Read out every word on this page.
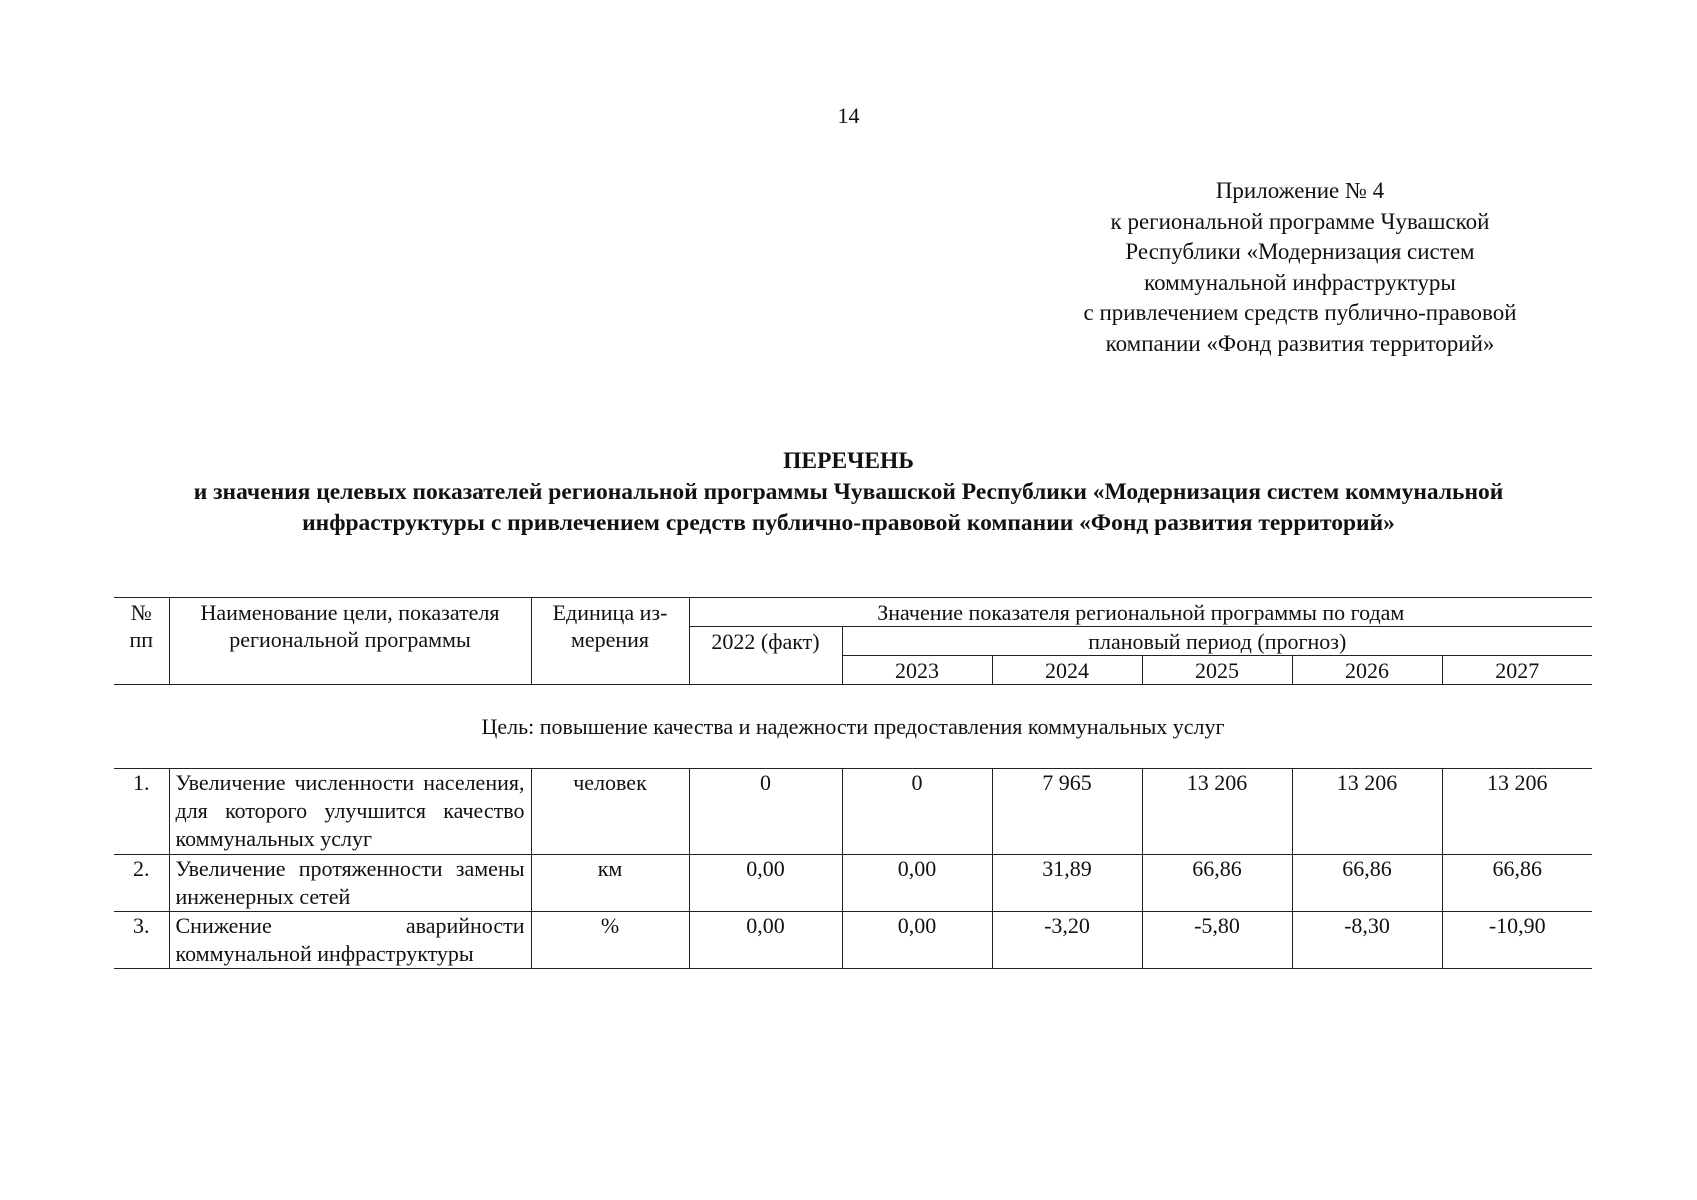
14
Приложение № 4
к региональной программе Чувашской
Республики «Модернизация систем
коммунальной инфраструктуры
с привлечением средств публично-правовой
компании «Фонд развития территорий»
ПЕРЕЧЕНЬ
и значения целевых показателей региональной программы Чувашской Республики «Модернизация систем коммунальной
инфраструктуры с привлечением средств публично-правовой компании «Фонд развития территорий»
№ пп	Наименование цели, показателя региональной программы	Единица из-мерения	Значение показателя региональной программы по годам					
			2022 (факт)	плановый период (прогноз)				
				2023	2024	2025	2026	2027
Цель: повышение качества и надежности предоставления коммунальных услуг
1.	Увеличение численности населения, для которого улучшится качество коммунальных услуг	человек	0	0	7 965	13 206	13 206	13 206
2.	Увеличение протяженности замены инженерных сетей	км	0,00	0,00	31,89	66,86	66,86	66,86
3.	Снижение аварийности коммунальной инфраструктуры	%	0,00	0,00	-3,20	-5,80	-8,30	-10,90
